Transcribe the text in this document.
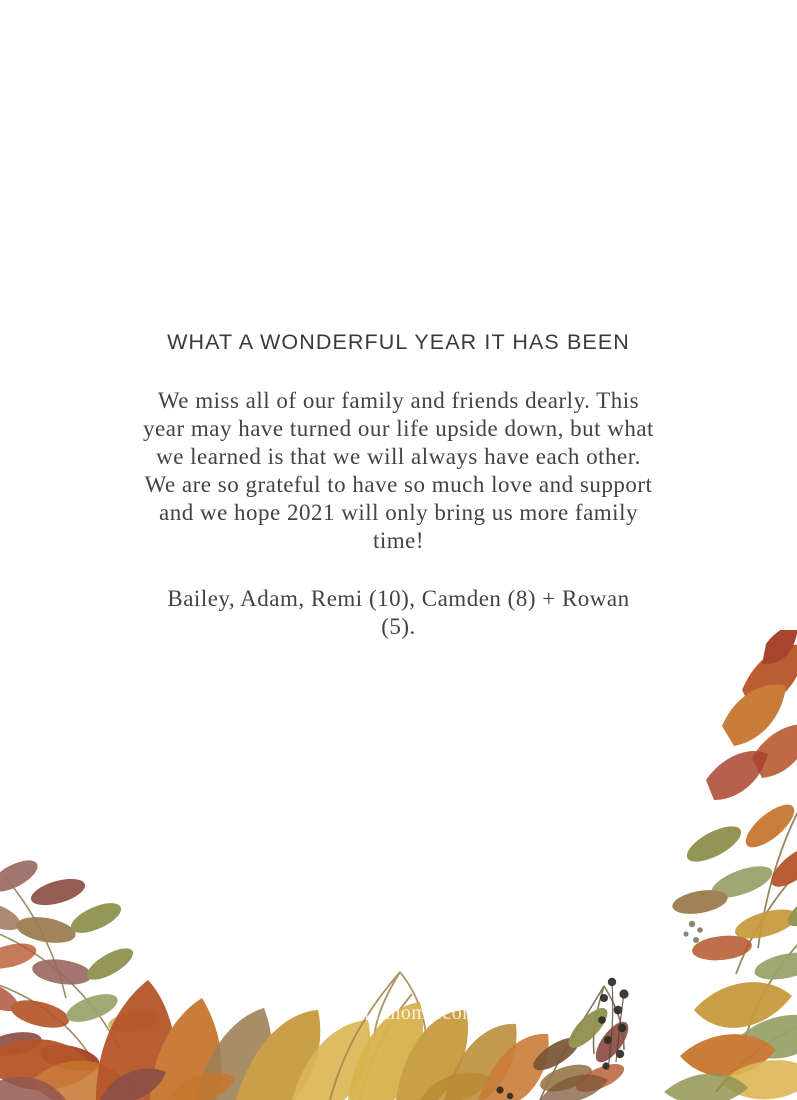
WHAT A WONDERFUL YEAR IT HAS BEEN

We miss all of our family and friends dearly. This year may have turned our life upside down, but what we learned is that we will always have each other. We are so grateful to have so much love and support and we hope 2021 will only bring us more family time!

Bailey, Adam, Remi (10), Camden (8) + Rowan (5).

acuratedhome.com
